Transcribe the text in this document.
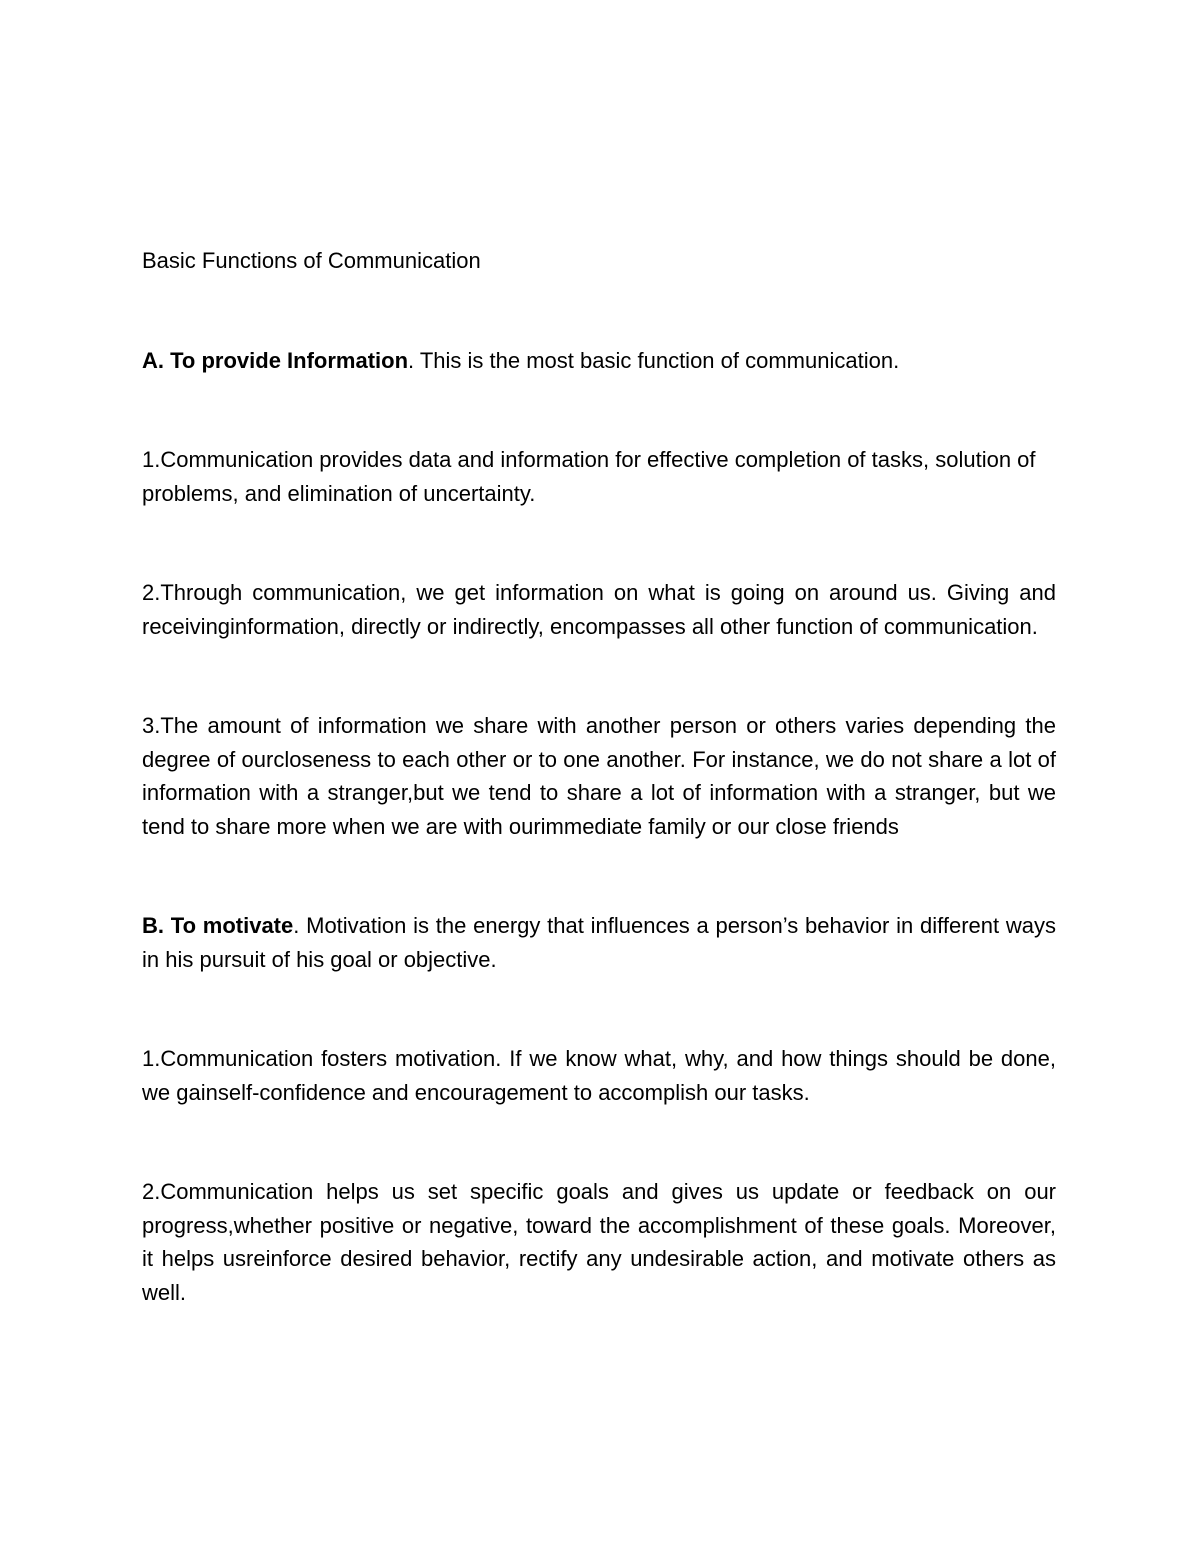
Basic Functions of Communication

A. To provide Information. This is the most basic function of communication.

1.Communication provides data and information for effective completion of tasks, solution of problems, and elimination of uncertainty.

2.Through communication, we get information on what is going on around us. Giving and receivinginformation, directly or indirectly, encompasses all other function of communication.

3.The amount of information we share with another person or others varies depending the degree of ourcloseness to each other or to one another. For instance, we do not share a lot of information with a stranger,but we tend to share a lot of information with a stranger, but we tend to share more when we are with ourimmediate family or our close friends

B. To motivate. Motivation is the energy that influences a person’s behavior in different ways in his pursuit of his goal or objective.

1.Communication fosters motivation. If we know what, why, and how things should be done, we gainself-confidence and encouragement to accomplish our tasks.

2.Communication helps us set specific goals and gives us update or feedback on our progress,whether positive or negative, toward the accomplishment of these goals. Moreover, it helps usreinforce desired behavior, rectify any undesirable action, and motivate others as well.
